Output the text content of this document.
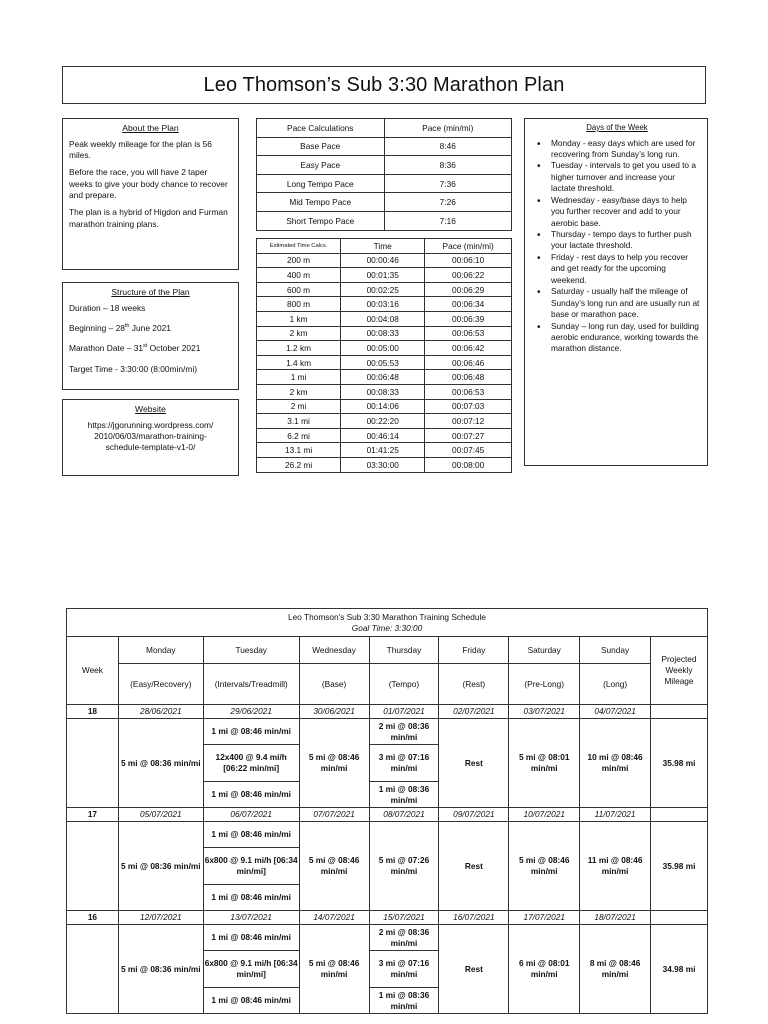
Leo Thomson’s Sub 3:30 Marathon Plan
About the Plan

Peak weekly mileage for the plan is 56 miles.

Before the race, you will have 2 taper weeks to give your body chance to recover and prepare.

The plan is a hybrid of Higdon and Furman marathon training plans.

Structure of the Plan

Duration – 18 weeks

Beginning – 28th June 2021

Marathon Date – 31st October 2021

Target Time - 3:30:00 (8:00min/mi)

Website

https://jgorunning.wordpress.com/
2010/06/03/marathon-training-
schedule-template-v1-0/

Pace Calculations	Pace (min/mi)
Base Pace	8:46
Easy Pace	8:36
Long Tempo Pace	7:36
Mid Tempo Pace	7:26
Short Tempo Pace	7:16
Estimated Time Calcs.	Time	Pace (min/mi)
200 m	00:00:46	00:06:10
400 m	00:01:35	00:06:22
600 m	00:02:25	00:06:29
800 m	00:03:16	00:06:34
1 km	00:04:08	00:06:39
2 km	00:08:33	00:06:53
1.2 km	00:05:00	00:06:42
1.4 km	00:05:53	00:06:46
1 mi	00:06:48	00:06:48
2 km	00:08:33	00:06:53
2 mi	00:14:06	00:07:03
3.1 mi	00:22:20	00:07:12
6.2 mi	00:46:14	00:07:27
13.1 mi	01:41:25	00:07:45
26.2 mi	03:30:00	00:08:00
Days of the Week
• Monday - easy days which are used for recovering from Sunday’s long run.
• Tuesday - intervals to get you used to a higher turnover and increase your lactate threshold.
• Wednesday - easy/base days to help you further recover and add to your aerobic base.
• Thursday - tempo days to further push your lactate threshold.
• Friday - rest days to help you recover and get ready for the upcoming weekend.
• Saturday - usually half the mileage of Sunday’s long run and are usually run at base or marathon pace.
• Sunday – long run day, used for building aerobic endurance, working towards the marathon distance.
Leo Thomson's Sub 3:30 Marathon Training Schedule
Goal Time: 3:30:00								

Week	Monday	Tuesday	Wednesday	Thursday	Friday	Saturday	Sunday	Projected Weekly Mileage
	(Easy/Recovery)	(Intervals/Treadmill)	(Base)	(Tempo)	(Rest)	(Pre-Long)	(Long)	
18	28/06/2021	29/06/2021	30/06/2021	01/07/2021	02/07/2021	03/07/2021	04/07/2021	
	5 mi @ 08:36 min/mi	1 mi @ 08:46 min/mi	5 mi @ 08:46 min/mi	2 mi @ 08:36 min/mi	Rest	5 mi @ 08:01 min/mi	10 mi @ 08:46 min/mi	35.98 mi
		12x400 @ 9.4 mi/h [06:22 min/mi]		3 mi @ 07:16 min/mi				
		1 mi @ 08:46 min/mi		1 mi @ 08:36 min/mi				
17	05/07/2021	06/07/2021	07/07/2021	08/07/2021	09/07/2021	10/07/2021	11/07/2021	
	5 mi @ 08:36 min/mi	1 mi @ 08:46 min/mi	5 mi @ 08:46 min/mi	5 mi @ 07:26 min/mi	Rest	5 mi @ 08:46 min/mi	11 mi @ 08:46 min/mi	35.98 mi
		6x800 @ 9.1 mi/h [06:34 min/mi]						
		1 mi @ 08:46 min/mi						
16	12/07/2021	13/07/2021	14/07/2021	15/07/2021	16/07/2021	17/07/2021	18/07/2021	
	5 mi @ 08:36 min/mi	1 mi @ 08:46 min/mi	5 mi @ 08:46 min/mi	2 mi @ 08:36 min/mi	Rest	6 mi @ 08:01 min/mi	8 mi @ 08:46 min/mi	34.98 mi
		6x800 @ 9.1 mi/h [06:34 min/mi]		3 mi @ 07:16 min/mi				
		1 mi @ 08:46 min/mi		1 mi @ 08:36 min/mi				
